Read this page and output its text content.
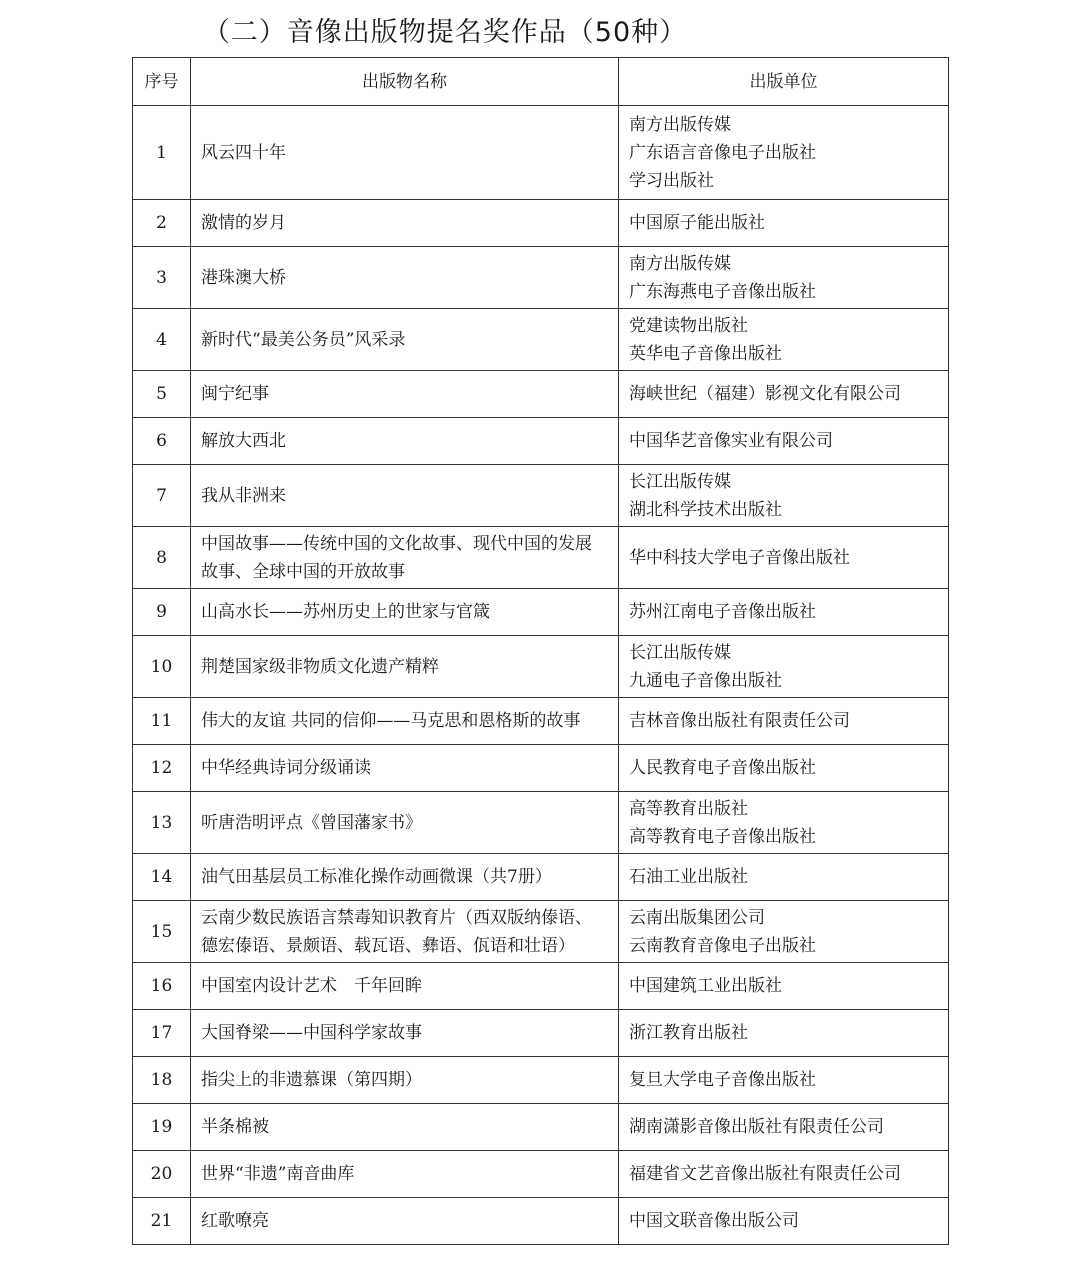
（二）音像出版物提名奖作品（50种）
序号	出版物名称	出版单位
1	风云四十年	南方出版传媒
广东语言音像电子出版社
学习出版社

2	激情的岁月	中国原子能出版社

3	港珠澳大桥	南方出版传媒
广东海燕电子音像出版社

4	新时代“最美公务员”风采录	党建读物出版社
英华电子音像出版社

5	闽宁纪事	海峡世纪（福建）影视文化有限公司

6	解放大西北	中国华艺音像实业有限公司

7	我从非洲来	长江出版传媒
湖北科学技术出版社

8	中国故事——传统中国的文化故事、现代中国的发展故事、全球中国的开放故事	华中科技大学电子音像出版社

9	山高水长——苏州历史上的世家与官箴	苏州江南电子音像出版社

10	荆楚国家级非物质文化遗产精粹	长江出版传媒
九通电子音像出版社

11	伟大的友谊 共同的信仰——马克思和恩格斯的故事	吉林音像出版社有限责任公司

12	中华经典诗词分级诵读	人民教育电子音像出版社

13	听唐浩明评点《曾国藩家书》	高等教育出版社
高等教育电子音像出版社

14	油气田基层员工标准化操作动画微课（共7册）	石油工业出版社

15	云南少数民族语言禁毒知识教育片（西双版纳傣语、德宏傣语、景颇语、载瓦语、彝语、佤语和壮语）	云南出版集团公司
云南教育音像电子出版社

16	中国室内设计艺术　千年回眸	中国建筑工业出版社

17	大国脊梁——中国科学家故事	浙江教育出版社

18	指尖上的非遗慕课（第四期）	复旦大学电子音像出版社

19	半条棉被	湖南潇影音像出版社有限责任公司

20	世界“非遗”南音曲库	福建省文艺音像出版社有限责任公司

21	红歌嘹亮	中国文联音像出版公司
